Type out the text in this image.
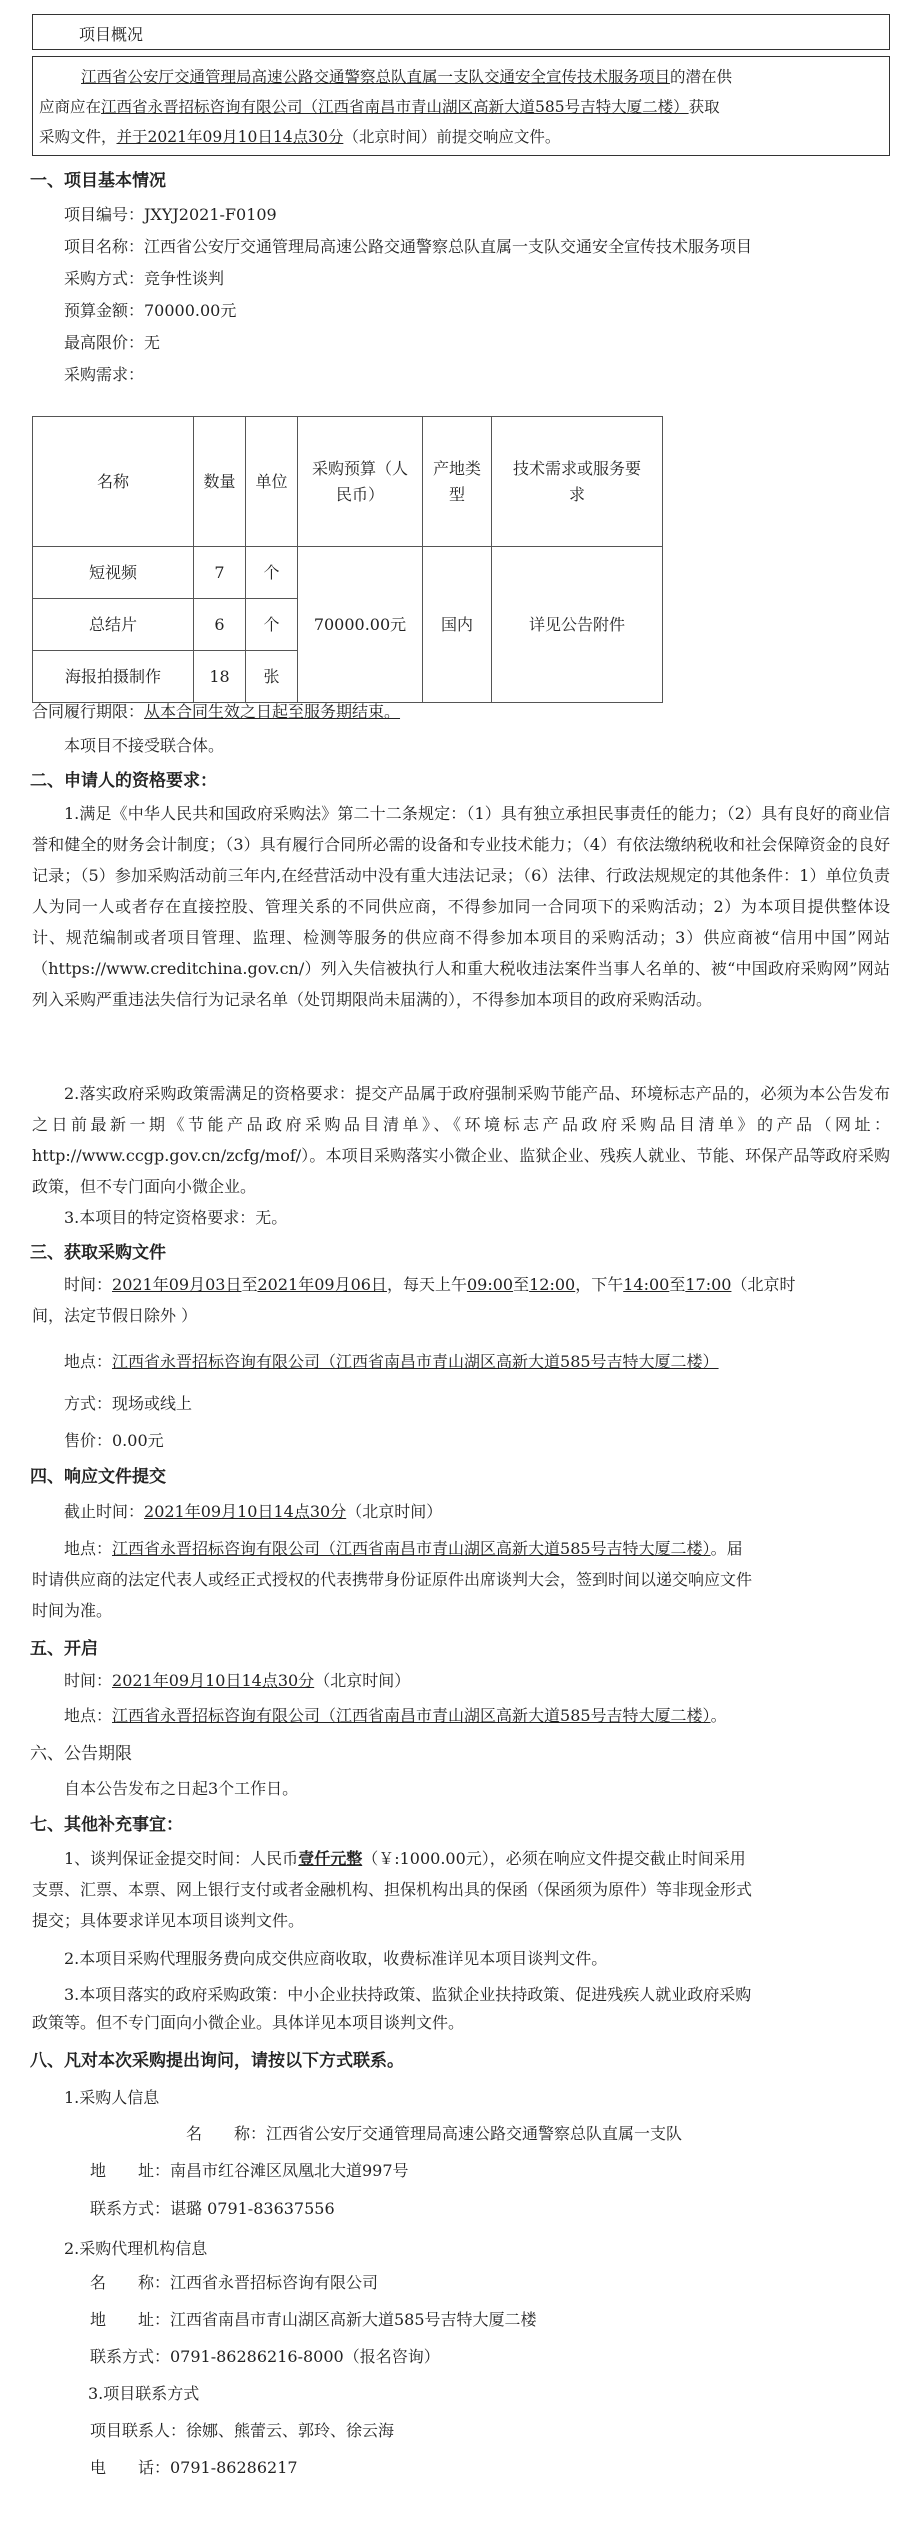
项目概况
江西省公安厅交通管理局高速公路交通警察总队直属一支队交通安全宣传技术服务项目的潜在供
应商应在江西省永晋招标咨询有限公司（江西省南昌市青山湖区高新大道585号吉特大厦二楼）获取
采购文件，并于2021年09月10日14点30分（北京时间）前提交响应文件。
一、项目基本情况
项目编号：JXYJ2021-F0109
项目名称：江西省公安厅交通管理局高速公路交通警察总队直属一支队交通安全宣传技术服务项目
采购方式：竞争性谈判
预算金额：70000.00元
最高限价：无
采购需求：
名称	数量	单位	采购预算（人民币）	产地类型	技术需求或服务要求
短视频	7	个	70000.00元	国内	详见公告附件
总结片	6	个			
海报拍摄制作	18	张			
合同履行期限：从本合同生效之日起至服务期结束。
本项目不接受联合体。
二、申请人的资格要求：
1.满足《中华人民共和国政府采购法》第二十二条规定：（1）具有独立承担民事责任的能力；（2）具有良好的商业信誉和健全的财务会计制度；（3）具有履行合同所必需的设备和专业技术能力；（4）有依法缴纳税收和社会保障资金的良好记录；（5）参加采购活动前三年内,在经营活动中没有重大违法记录；（6）法律、行政法规规定的其他条件：1）单位负责人为同一人或者存在直接控股、管理关系的不同供应商，不得参加同一合同项下的采购活动；2）为本项目提供整体设计、规范编制或者项目管理、监理、检测等服务的供应商不得参加本项目的采购活动；3）供应商被“信用中国”网站（https://www.creditchina.gov.cn/）列入失信被执行人和重大税收违法案件当事人名单的、被“中国政府采购网”网站列入采购严重违法失信行为记录名单（处罚期限尚未届满的），不得参加本项目的政府采购活动。
2.落实政府采购政策需满足的资格要求：提交产品属于政府强制采购节能产品、环境标志产品的，必须为本公告发布之日前最新一期《节能产品政府采购品目清单》、《环境标志产品政府采购品目清单》的产品（网址：http://www.ccgp.gov.cn/zcfg/mof/）。本项目采购落实小微企业、监狱企业、残疾人就业、节能、环保产品等政府采购政策，但不专门面向小微企业。
3.本项目的特定资格要求：无。
三、获取采购文件
时间：2021年09月03日至2021年09月06日，每天上午09:00至12:00，下午14:00至17:00（北京时
间，法定节假日除外 ）
地点：江西省永晋招标咨询有限公司（江西省南昌市青山湖区高新大道585号吉特大厦二楼）
方式：现场或线上
售价：0.00元
四、响应文件提交
截止时间：2021年09月10日14点30分（北京时间）
地点：江西省永晋招标咨询有限公司（江西省南昌市青山湖区高新大道585号吉特大厦二楼）。届
时请供应商的法定代表人或经正式授权的代表携带身份证原件出席谈判大会，签到时间以递交响应文件
时间为准。
五、开启
时间：2021年09月10日14点30分（北京时间）
地点：江西省永晋招标咨询有限公司（江西省南昌市青山湖区高新大道585号吉特大厦二楼）。
六、公告期限
自本公告发布之日起3个工作日。
七、其他补充事宜：
1、谈判保证金提交时间：人民币壹仟元整（￥:1000.00元），必须在响应文件提交截止时间采用
支票、汇票、本票、网上银行支付或者金融机构、担保机构出具的保函（保函须为原件）等非现金形式
提交；具体要求详见本项目谈判文件。
2.本项目采购代理服务费向成交供应商收取，收费标准详见本项目谈判文件。
3.本项目落实的政府采购政策：中小企业扶持政策、监狱企业扶持政策、促进残疾人就业政府采购
政策等。但不专门面向小微企业。具体详见本项目谈判文件。
八、凡对本次采购提出询问，请按以下方式联系。
1.采购人信息
名　　称：江西省公安厅交通管理局高速公路交通警察总队直属一支队
地　　址：南昌市红谷滩区凤凰北大道997号
联系方式：谌璐 0791-83637556
2.采购代理机构信息
名　　称：江西省永晋招标咨询有限公司
地　　址：江西省南昌市青山湖区高新大道585号吉特大厦二楼
联系方式：0791-86286216-8000（报名咨询）
3.项目联系方式
项目联系人：徐娜、熊蕾云、郭玲、徐云海
电　　话：0791-86286217
